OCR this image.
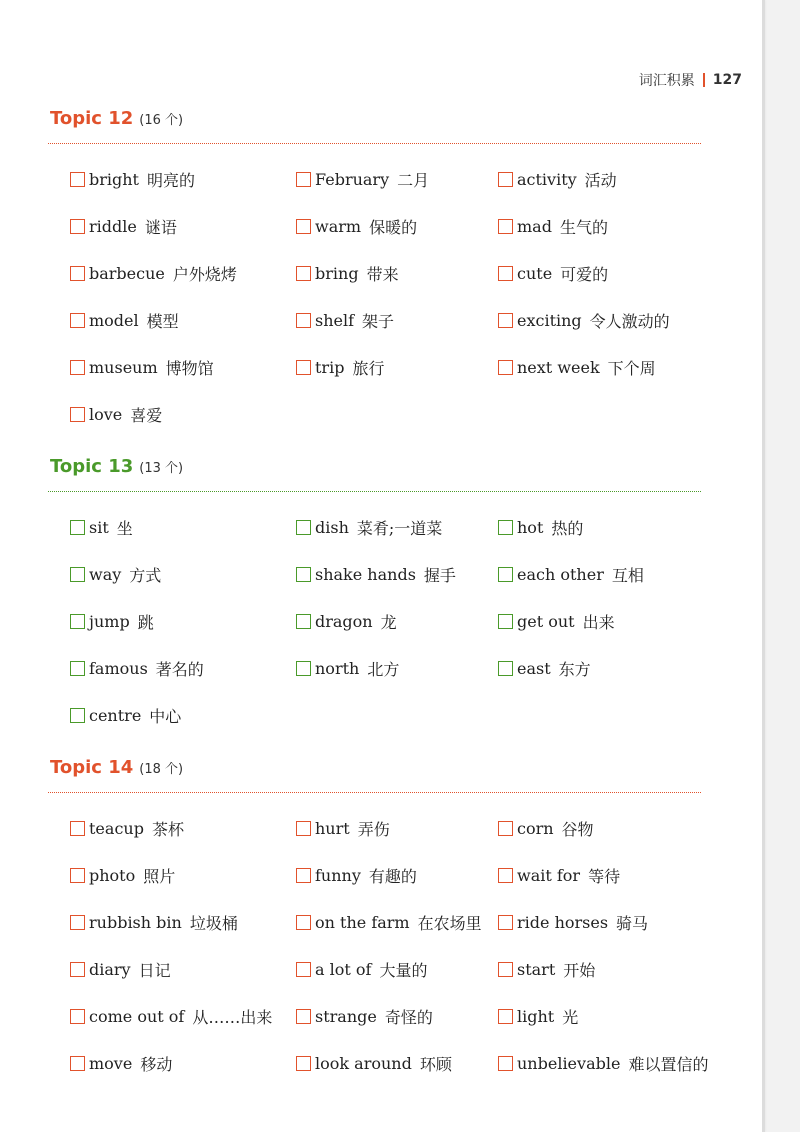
词汇积累 127
Topic 12 (16 个)
bright 明亮的	February 二月	activity 活动
riddle 谜语	warm 保暖的	mad 生气的
barbecue 户外烧烤	bring 带来	cute 可爱的
model 模型	shelf 架子	exciting 令人激动的
museum 博物馆	trip 旅行	next week 下个周
love 喜爱
Topic 13 (13 个)
sit 坐	dish 菜肴;一道菜	hot 热的
way 方式	shake hands 握手	each other 互相
jump 跳	dragon 龙	get out 出来
famous 著名的	north 北方	east 东方
centre 中心
Topic 14 (18 个)
teacup 茶杯	hurt 弄伤	corn 谷物
photo 照片	funny 有趣的	wait for 等待
rubbish bin 垃圾桶	on the farm 在农场里 ride horses 骑马
diary 日记	a lot of 大量的	start 开始
come out of 从……出来	strange 奇怪的	light 光
move 移动	look around 环顾	unbelievable 难以置信的
